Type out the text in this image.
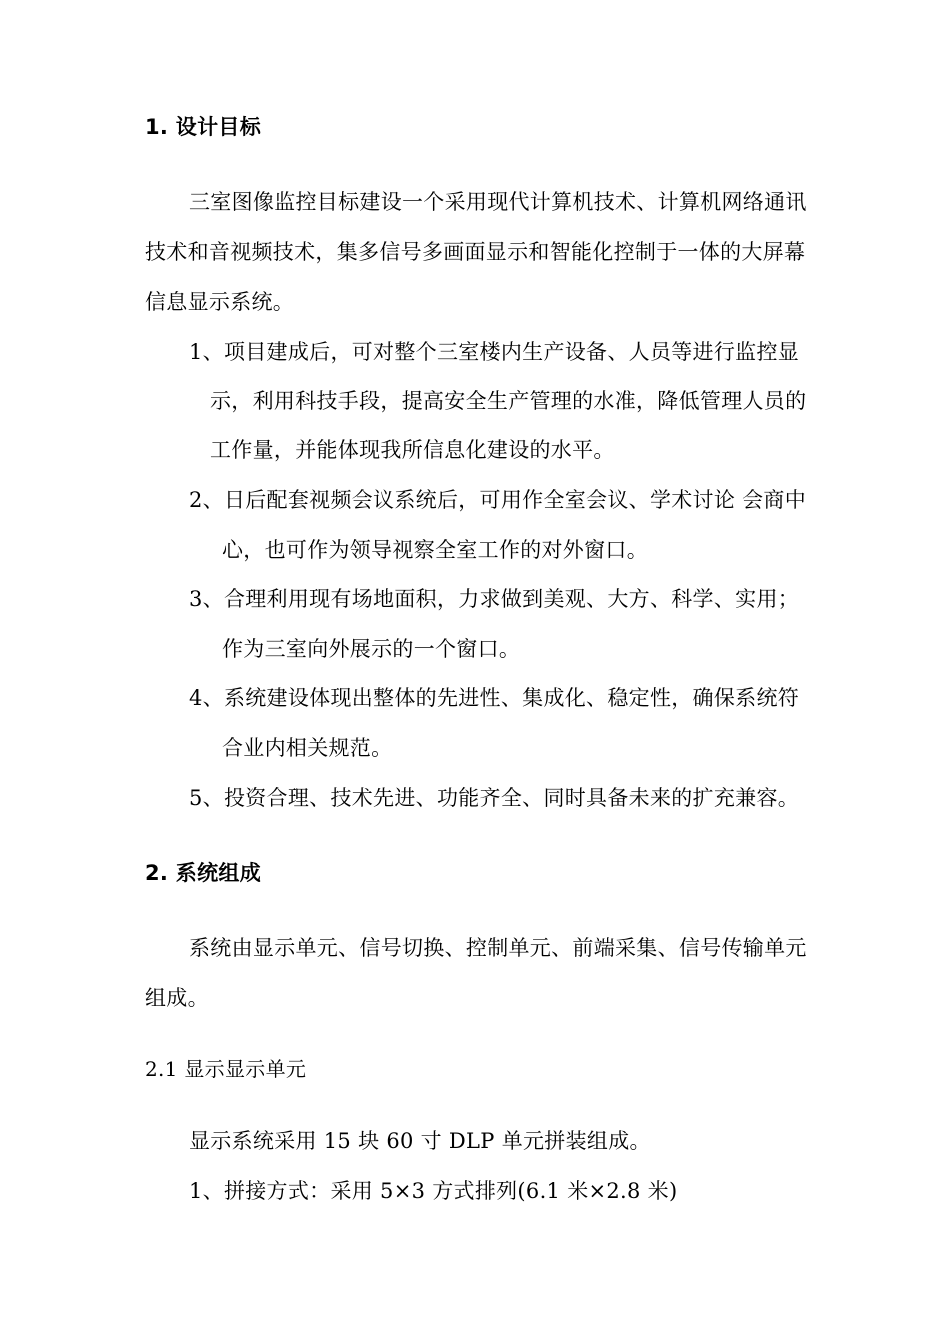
1. 设计目标
三室图像监控目标建设一个采用现代计算机技术、计算机网络通讯
技术和音视频技术，集多信号多画面显示和智能化控制于一体的大屏幕
信息显示系统。
1、项目建成后，可对整个三室楼内生产设备、人员等进行监控显
示，利用科技手段，提高安全生产管理的水准，降低管理人员的
工作量，并能体现我所信息化建设的水平。
2、日后配套视频会议系统后，可用作全室会议、学术讨论 会商中
心，也可作为领导视察全室工作的对外窗口。
3、合理利用现有场地面积，力求做到美观、大方、科学、实用；
作为三室向外展示的一个窗口。
4、系统建设体现出整体的先进性、集成化、稳定性，确保系统符
合业内相关规范。
5、投资合理、技术先进、功能齐全、同时具备未来的扩充兼容。
2. 系统组成
系统由显示单元、信号切换、控制单元、前端采集、信号传输单元
组成。
2.1 显示显示单元
显示系统采用 15 块 60 寸 DLP 单元拼装组成。
1、拼接方式：采用 5×3 方式排列(6.1 米×2.8 米)
